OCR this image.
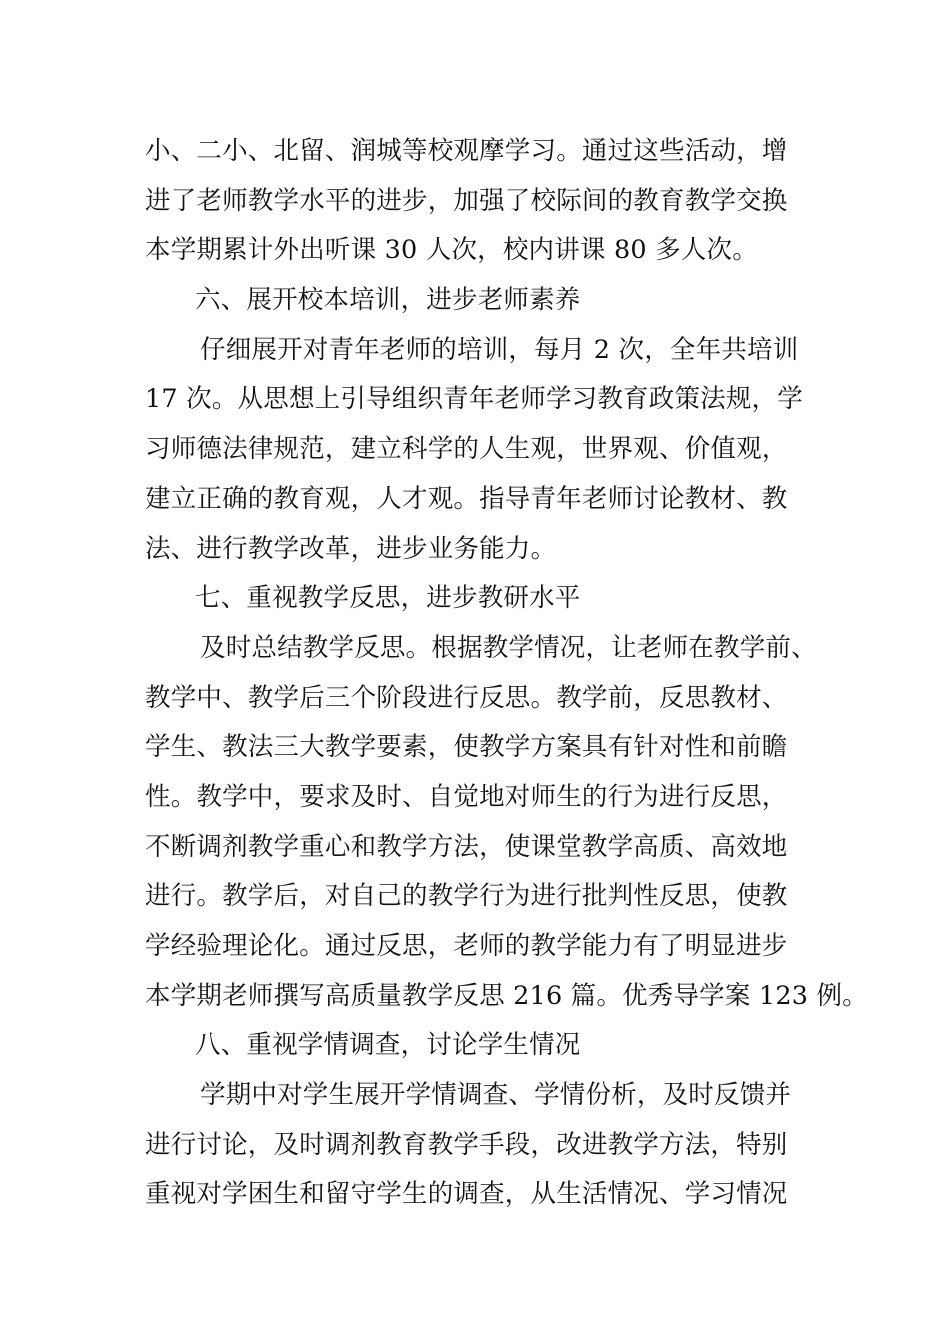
小、二小、北留、润城等校观摩学习。通过这些活动，增
进了老师教学水平的进步，加强了校际间的教育教学交换
本学期累计外出听课 30 人次，校内讲课 80 多人次。
六、展开校本培训，进步老师素养
仔细展开对青年老师的培训，每月 2 次，全年共培训
17 次。从思想上引导组织青年老师学习教育政策法规，学
习师德法律规范，建立科学的人生观，世界观、价值观，
建立正确的教育观，人才观。指导青年老师讨论教材、教
法、进行教学改革，进步业务能力。
七、重视教学反思，进步教研水平
及时总结教学反思。根据教学情况，让老师在教学前、
教学中、教学后三个阶段进行反思。教学前，反思教材、
学生、教法三大教学要素，使教学方案具有针对性和前瞻
性。教学中，要求及时、自觉地对师生的行为进行反思，
不断调剂教学重心和教学方法，使课堂教学高质、高效地
进行。教学后，对自己的教学行为进行批判性反思，使教
学经验理论化。通过反思，老师的教学能力有了明显进步
本学期老师撰写高质量教学反思 216 篇。优秀导学案 123 例。
八、重视学情调查，讨论学生情况
学期中对学生展开学情调查、学情份析，及时反馈并
进行讨论，及时调剂教育教学手段，改进教学方法，特别
重视对学困生和留守学生的调查，从生活情况、学习情况
